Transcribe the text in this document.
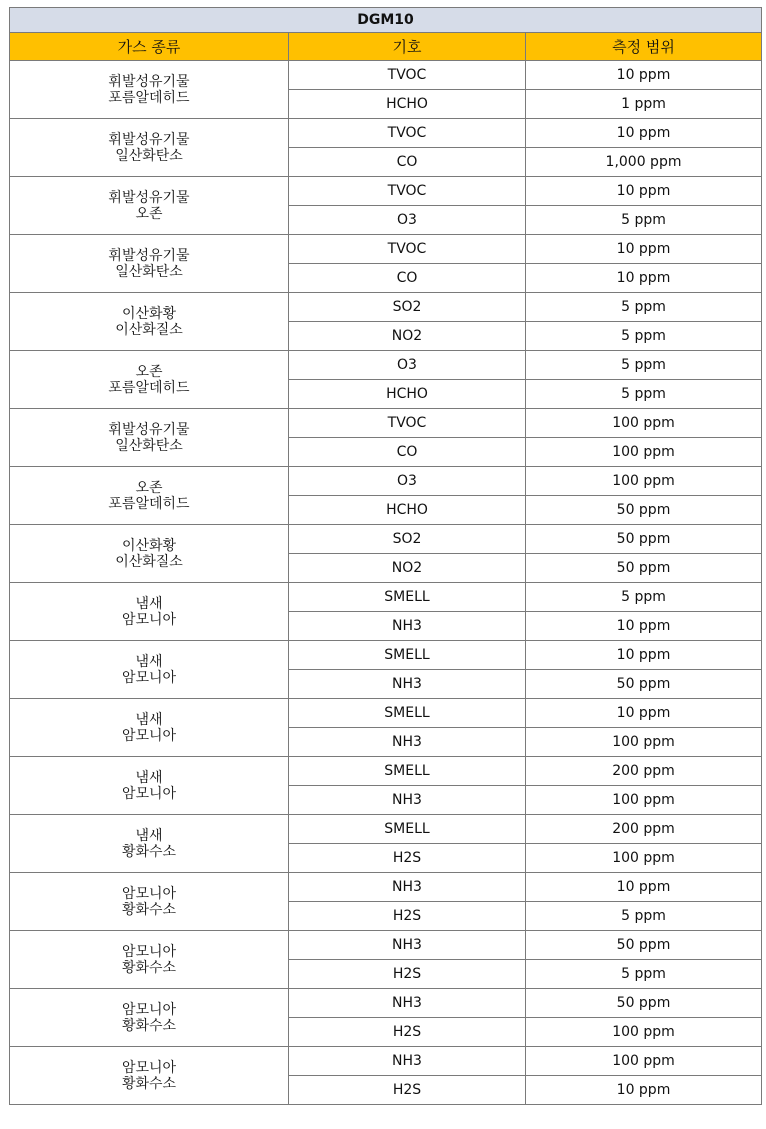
DGM10		
가스 종류	기호	측정 범위

휘발성유기물
포름알데히드	TVOC	10 ppm
	HCHO	1 ppm

휘발성유기물
일산화탄소	TVOC	10 ppm
	CO	1,000 ppm

휘발성유기물
오존	TVOC	10 ppm
	O3	5 ppm

휘발성유기물
일산화탄소	TVOC	10 ppm
	CO	10 ppm

이산화황
이산화질소	SO2	5 ppm
	NO2	5 ppm

오존
포름알데히드	O3	5 ppm
	HCHO	5 ppm

휘발성유기물
일산화탄소	TVOC	100 ppm
	CO	100 ppm

오존
포름알데히드	O3	100 ppm
	HCHO	50 ppm

이산화황
이산화질소	SO2	50 ppm
	NO2	50 ppm

냄새
암모니아	SMELL	5 ppm
	NH3	10 ppm

냄새
암모니아	SMELL	10 ppm
	NH3	50 ppm

냄새
암모니아	SMELL	10 ppm
	NH3	100 ppm

냄새
암모니아	SMELL	200 ppm
	NH3	100 ppm

냄새
황화수소	SMELL	200 ppm
	H2S	100 ppm

암모니아
황화수소	NH3	10 ppm
	H2S	5 ppm

암모니아
황화수소	NH3	50 ppm
	H2S	5 ppm

암모니아
황화수소	NH3	50 ppm
	H2S	100 ppm

암모니아
황화수소	NH3	100 ppm
	H2S	10 ppm
